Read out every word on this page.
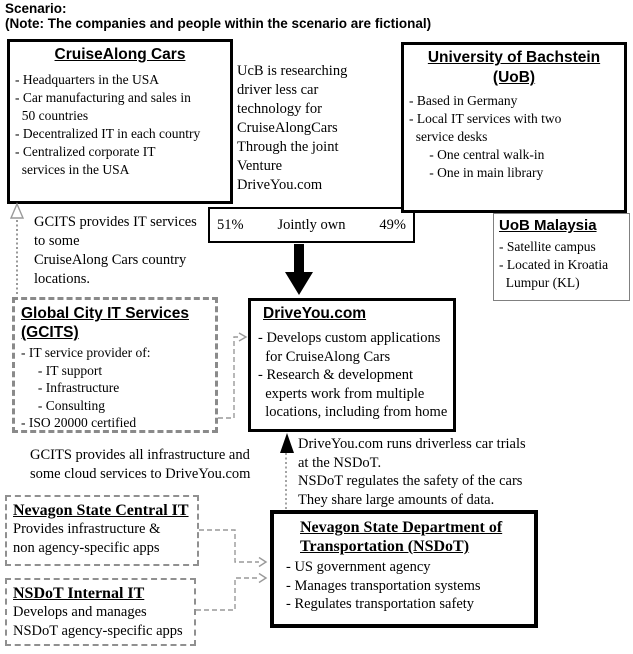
Scenario:
(Note: The companies and people within the scenario are fictional)
CruiseAlong Cars
- Headquarters in the USA
- Car manufacturing and sales in
50 countries
- Decentralized IT in each country
- Centralized corporate IT
services in the USA
UcB is researching
driver less car
technology for
CruiseAlongCars
Through the joint
Venture
DriveYou.com
University of Bachstein
(UoB)
- Based in Germany
- Local IT services with two
service desks
- One central walk-in
- One in main library
51% Jointly own 49%	UoB Malaysia
- Satellite campus
- Located in Kroatia
Lumpur (KL)
GCITS provides IT services
to some
CruiseAlong Cars country
locations.
Global City IT Services
(GCITS)
- IT service provider of:
- IT support
- Infrastructure
- Consulting
- ISO 20000 certified
DriveYou.com
- Develops custom applications
for CruiseAlong Cars
- Research & development
experts work from multiple
locations, including from home
GCITS provides all infrastructure and
some cloud services to DriveYou.com
DriveYou.com runs driverless car trials
at the NSDoT.
NSDoT regulates the safety of the cars
They share large amounts of data.
Nevagon State Central IT
Provides infrastructure &
non agency-specific apps
NSDoT Internal IT
Develops and manages
NSDoT agency-specific apps
Nevagon State Department of
Transportation (NSDoT)
- US government agency
- Manages transportation systems
- Regulates transportation safety
